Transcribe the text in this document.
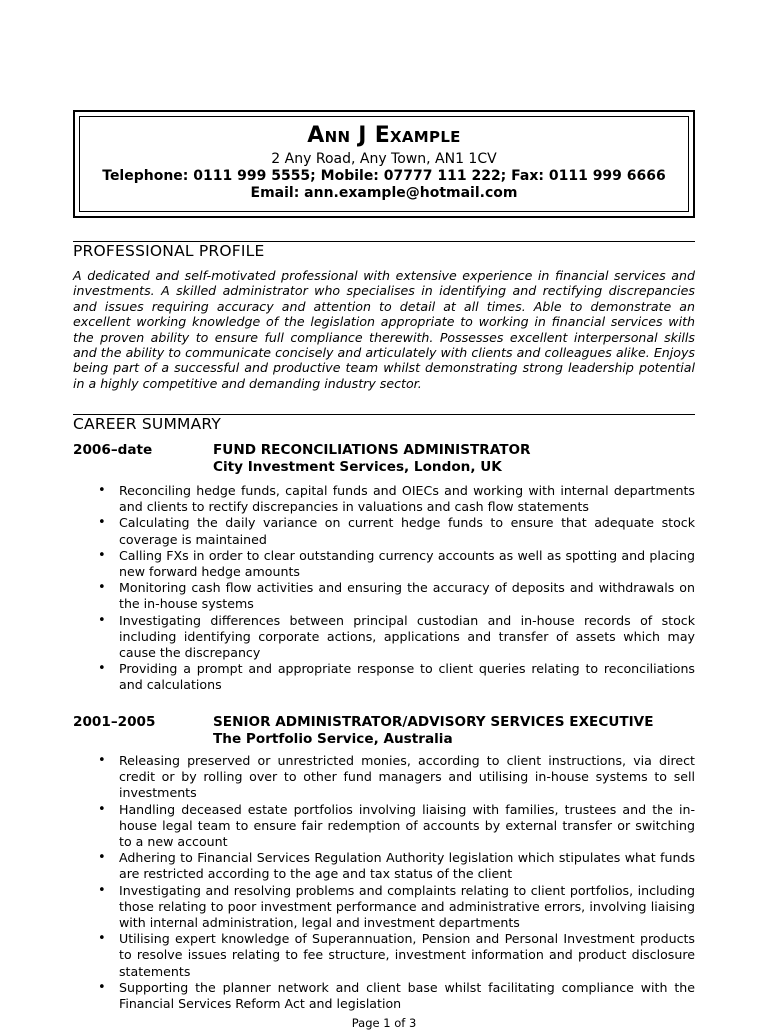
Ann J Example
2 Any Road, Any Town, AN1 1CV
Telephone: 0111 999 5555; Mobile: 07777 111 222; Fax: 0111 999 6666
Email: ann.example@hotmail.com
PROFESSIONAL PROFILE
A dedicated and self-motivated professional with extensive experience in financial services and investments. A skilled administrator who specialises in identifying and rectifying discrepancies and issues requiring accuracy and attention to detail at all times. Able to demonstrate an excellent working knowledge of the legislation appropriate to working in financial services with the proven ability to ensure full compliance therewith. Possesses excellent interpersonal skills and the ability to communicate concisely and articulately with clients and colleagues alike. Enjoys being part of a successful and productive team whilst demonstrating strong leadership potential in a highly competitive and demanding industry sector.
CAREER SUMMARY
2006–date	FUND RECONCILIATIONS ADMINISTRATOR
City Investment Services, London, UK
• Reconciling hedge funds, capital funds and OIECs and working with internal departments and clients to rectify discrepancies in valuations and cash flow statements
• Calculating the daily variance on current hedge funds to ensure that adequate stock coverage is maintained
• Calling FXs in order to clear outstanding currency accounts as well as spotting and placing new forward hedge amounts
• Monitoring cash flow activities and ensuring the accuracy of deposits and withdrawals on the in-house systems
• Investigating differences between principal custodian and in-house records of stock including identifying corporate actions, applications and transfer of assets which may cause the discrepancy
• Providing a prompt and appropriate response to client queries relating to reconciliations and calculations
2001–2005	SENIOR ADMINISTRATOR/ADVISORY SERVICES EXECUTIVE
The Portfolio Service, Australia
• Releasing preserved or unrestricted monies, according to client instructions, via direct credit or by rolling over to other fund managers and utilising in-house systems to sell investments
• Handling deceased estate portfolios involving liaising with families, trustees and the in-house legal team to ensure fair redemption of accounts by external transfer or switching to a new account
• Adhering to Financial Services Regulation Authority legislation which stipulates what funds are restricted according to the age and tax status of the client
• Investigating and resolving problems and complaints relating to client portfolios, including those relating to poor investment performance and administrative errors, involving liaising with internal administration, legal and investment departments
• Utilising expert knowledge of Superannuation, Pension and Personal Investment products to resolve issues relating to fee structure, investment information and product disclosure statements
• Supporting the planner network and client base whilst facilitating compliance with the Financial Services Reform Act and legislation
Page 1 of 3
